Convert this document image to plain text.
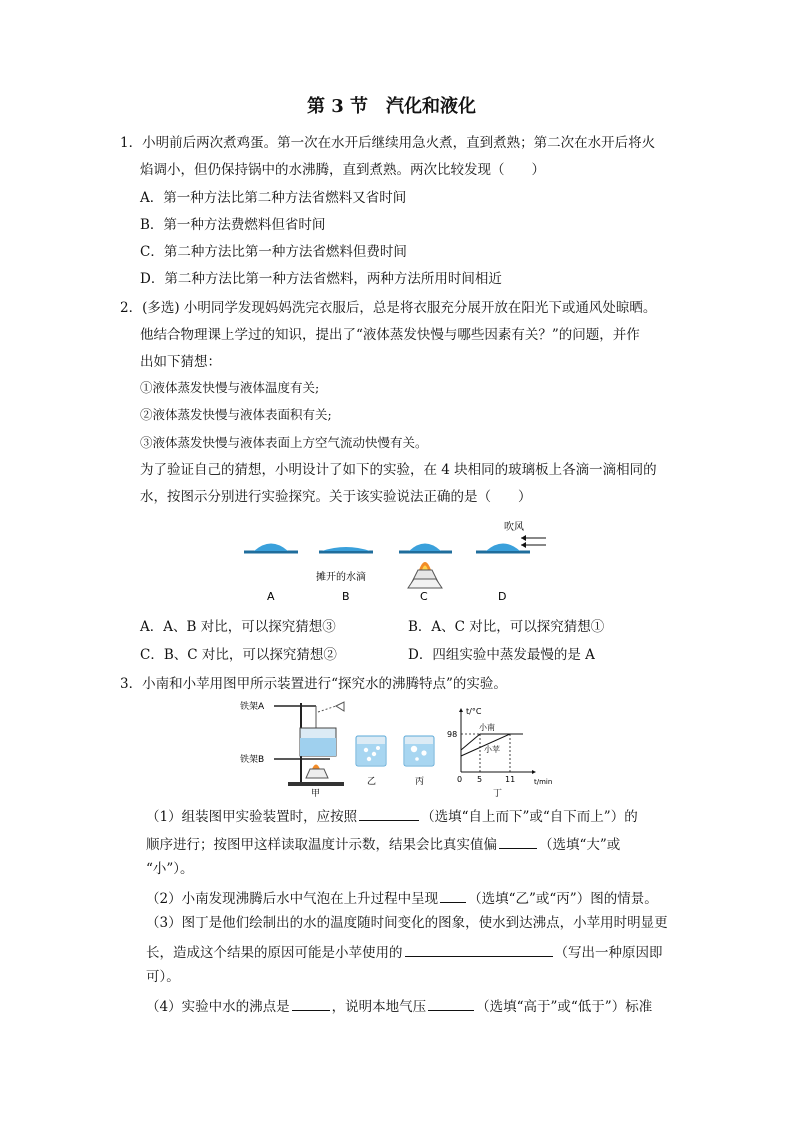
第 3 节　汽化和液化
1．小明前后两次煮鸡蛋。第一次在水开后继续用急火煮，直到煮熟；第二次在水开后将火
焰调小，但仍保持锅中的水沸腾，直到煮熟。两次比较发现（　　）
A．第一种方法比第二种方法省燃料又省时间
B．第一种方法费燃料但省时间
C．第二种方法比第一种方法省燃料但费时间
D．第二种方法比第一种方法省燃料，两种方法所用时间相近
2．(多选) 小明同学发现妈妈洗完衣服后，总是将衣服充分展开放在阳光下或通风处晾晒。
他结合物理课上学过的知识，提出了“液体蒸发快慢与哪些因素有关？”的问题，并作
出如下猜想：
①液体蒸发快慢与液体温度有关;
②液体蒸发快慢与液体表面积有关;
③液体蒸发快慢与液体表面上方空气流动快慢有关。
为了验证自己的猜想，小明设计了如下的实验，在 4 块相同的玻璃板上各滴一滴相同的
水，按图示分别进行实验探究。关于该实验说法正确的是（　　）
摊开的水滴
吹风
A	B	C	D
A．A、B 对比，可以探究猜想③	B．A、C 对比，可以探究猜想①
C．B、C 对比，可以探究猜想②	D．四组实验中蒸发最慢的是 A
3．小南和小苹用图甲所示装置进行“探究水的沸腾特点”的实验。
铁架A
铁架B
甲
乙	丙
t/°C
t/min
98
小南
小苹
0 5	11
丁
（1）组装图甲实验装置时，应按照	（选填“自上而下”或“自下而上”）的
顺序进行；按图甲这样读取温度计示数，结果会比真实值偏	（选填“大”或
“小”）。
（2）小南发现沸腾后水中气泡在上升过程中呈现 （选填“乙”或“丙”）图的情景。
（3）图丁是他们绘制出的水的温度随时间变化的图象，使水到达沸点，小苹用时明显更
长，造成这个结果的原因可能是小苹使用的	（写出一种原因即
可）。
（4）实验中水的沸点是	，说明本地气压	（选填“高于”或“低于”）标准
